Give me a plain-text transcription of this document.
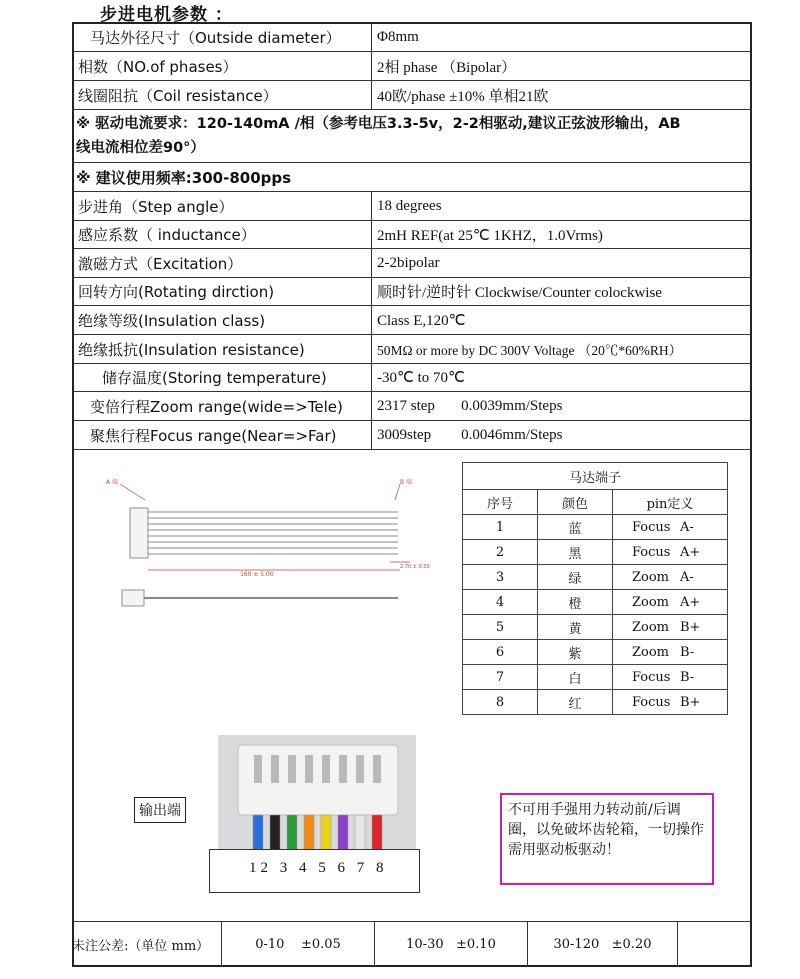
步进电机参数 ：
马达外径尺寸（Outside diameter）	Φ8mm
相数（NO.of phases）	2相 phase （Bipolar）
线圈阻抗（Coil resistance）	40欧/phase ±10% 单相21欧
※ 驱动电流要求：120-140mA /相（参考电压3.3-5v，2-2相驱动,建议正弦波形输出，AB
线电流相位差90°）
※ 建议使用频率:300-800pps
步进角（Step angle）	18 degrees
感应系数（ inductance）	2mH REF(at 25℃ 1KHZ，1.0Vrms)
激磁方式（Excitation）	2-2bipolar
回转方向(Rotating dirction)	顺时针/逆时针 Clockwise/Counter colockwise
绝缘等级(Insulation class)	Class E,120℃
绝缘抵抗(Insulation resistance)	50MΩ or more by DC 300V Voltage （20℃*60%RH）
储存温度(Storing temperature)	-30℃ to 70℃
变倍行程Zoom range(wide=>Tele)	2317 step       0.0039mm/Steps
聚焦行程Focus range(Near=>Far)	3009step        0.0046mm/Steps
A 端	B 端
160 ± 5.00
2.70 ± 0.50
马达端子		
序号	颜色	pin定义
1	蓝	Focus A-
2	黑	Focus A+
3	绿	Zoom A-
4	橙	Zoom A+
5	黄	Zoom B+
6	紫	Zoom B-
7	白	Focus B-
8	红	Focus B+
输出端
12 3 4 5 6 7 8
不可用手强用力转动前/后调圈，以免破坏齿轮箱，一切操作需用驱动板驱动！
未注公差:（单位 mm）	0-10    ±0.05	10-30   ±0.10	30-120   ±0.20
